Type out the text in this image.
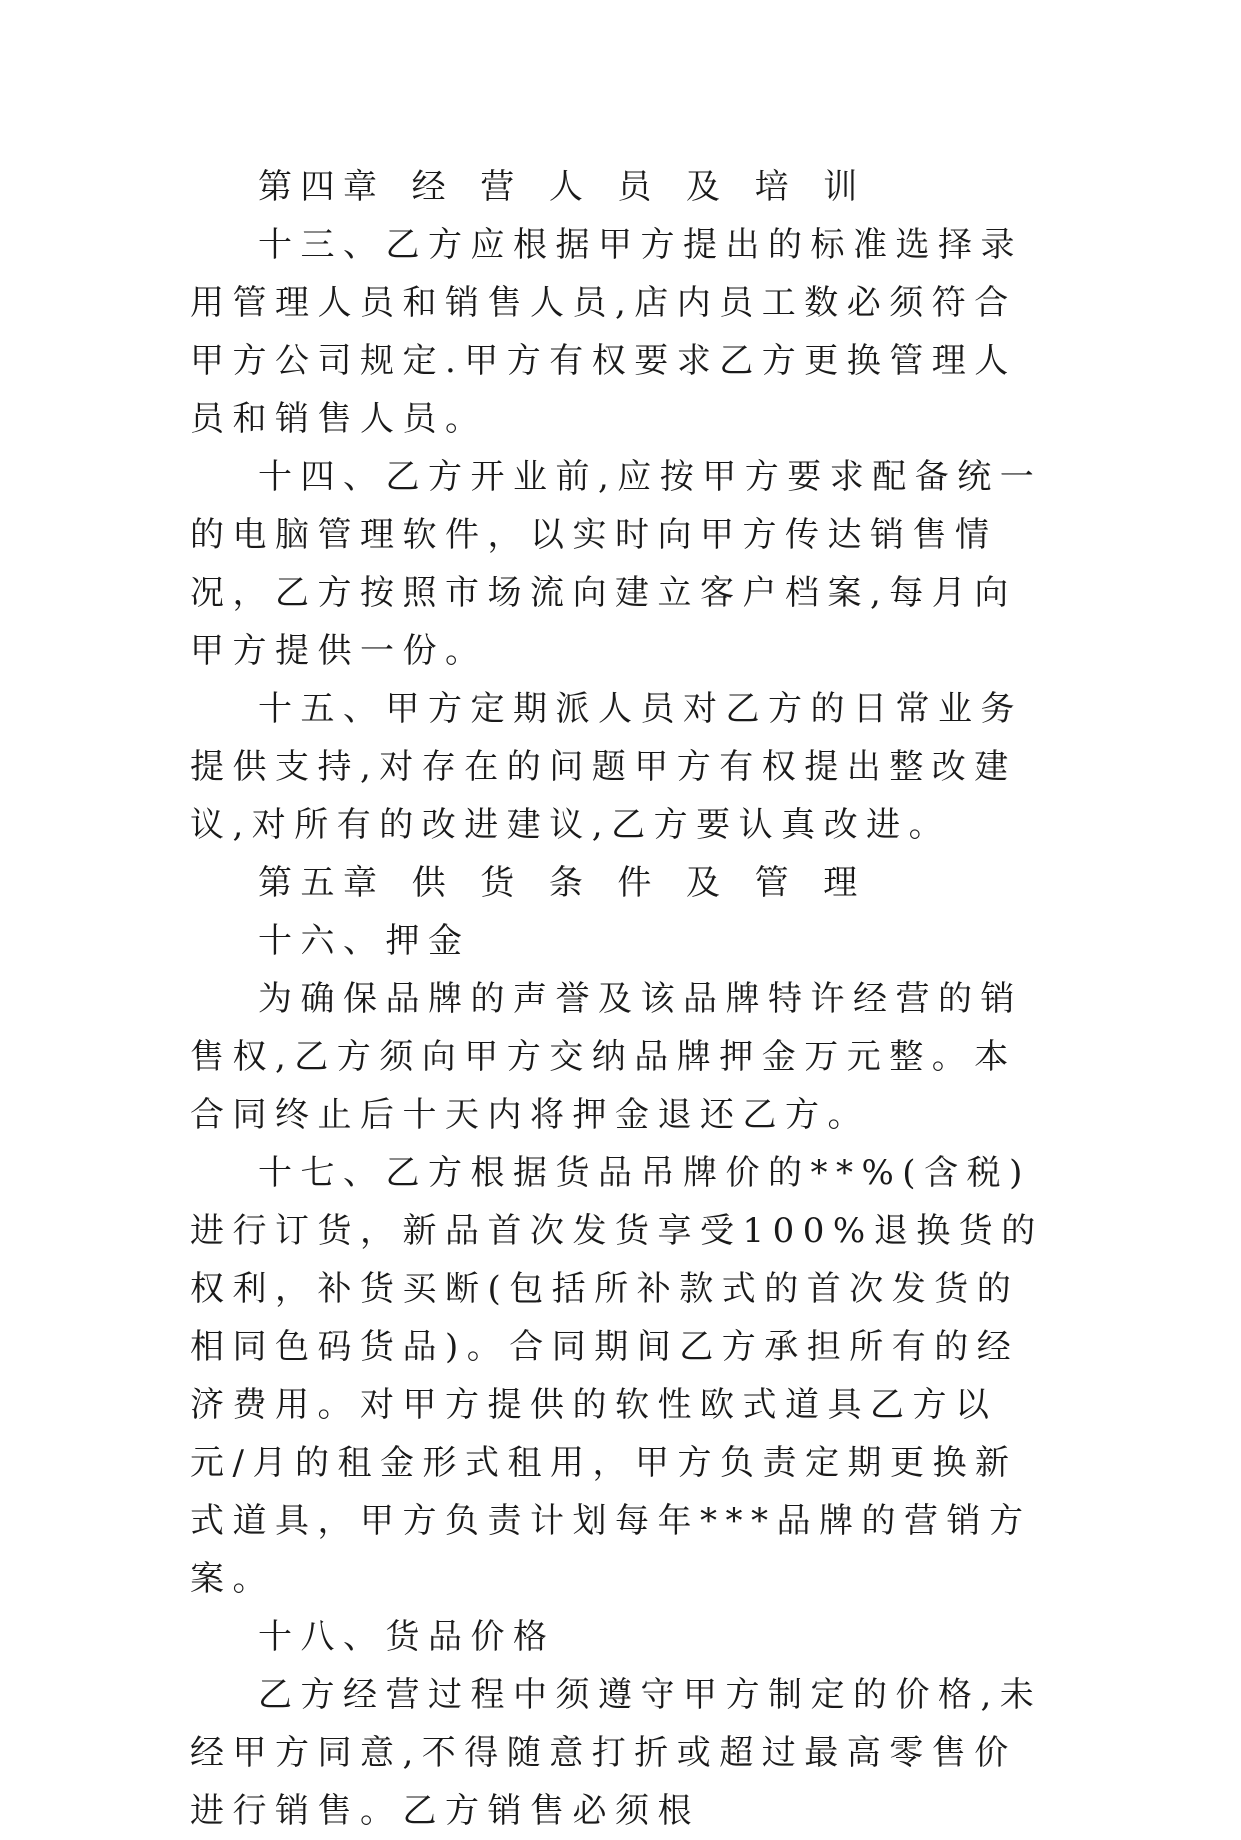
第四章 经 营 人 员 及 培 训

十三、乙方应根据甲方提出的标准选择录用管理人员和销售人员,店内员工数必须符合甲方公司规定.甲方有权要求乙方更换管理人员和销售人员。

十四、乙方开业前,应按甲方要求配备统一的电脑管理软件，以实时向甲方传达销售情况，乙方按照市场流向建立客户档案,每月向甲方提供一份。

十五、甲方定期派人员对乙方的日常业务提供支持,对存在的问题甲方有权提出整改建议,对所有的改进建议,乙方要认真改进。

第五章 供 货 条 件 及 管 理

十六、押金

为确保品牌的声誉及该品牌特许经营的销售权,乙方须向甲方交纳品牌押金万元整。本合同终止后十天内将押金退还乙方。

十七、乙方根据货品吊牌价的**%(含税)进行订货，新品首次发货享受100%退换货的权利，补货买断(包括所补款式的首次发货的相同色码货品)。合同期间乙方承担所有的经济费用。对甲方提供的软性欧式道具乙方以元/月的租金形式租用，甲方负责定期更换新式道具，甲方负责计划每年***品牌的营销方案。

十八、货品价格

乙方经营过程中须遵守甲方制定的价格,未经甲方同意,不得随意打折或超过最高零售价进行销售。乙方销售必须根
